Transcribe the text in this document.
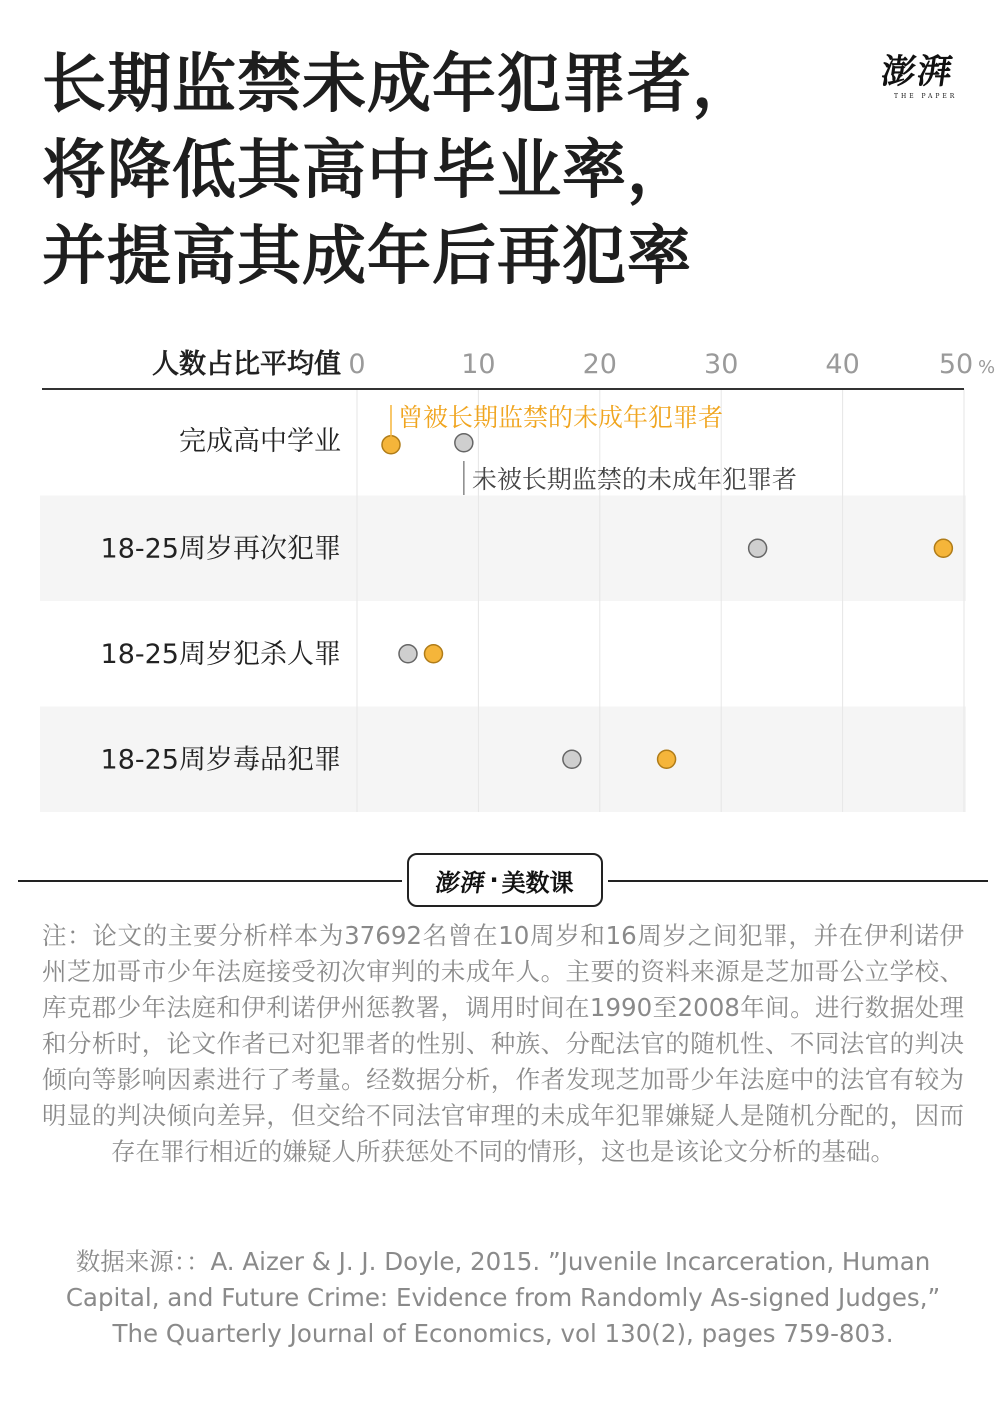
长期监禁未成年犯罪者，
将降低其高中毕业率，
并提高其成年后再犯率
澎湃
THE PAPER
人数占比平均值 0	10	20	30	40	50 %
完成高中学业
18-25周岁再次犯罪
18-25周岁犯杀人罪
18-25周岁毒品犯罪
曾被长期监禁的未成年犯罪者
未被长期监禁的未成年犯罪者
澎湃 · 美数课
注：论文的主要分析样本为37692名曾在10周岁和16周岁之间犯罪，并在伊利诺伊州芝加哥市少年法庭接受初次审判的未成年人。主要的资料来源是芝加哥公立学校、库克郡少年法庭和伊利诺伊州惩教署，调用时间在1990至2008年间。进行数据处理和分析时，论文作者已对犯罪者的性别、种族、分配法官的随机性、不同法官的判决倾向等影响因素进行了考量。经数据分析，作者发现芝加哥少年法庭中的法官有较为明显的判决倾向差异，但交给不同法官审理的未成年犯罪嫌疑人是随机分配的，因而存在罪行相近的嫌疑人所获惩处不同的情形，这也是该论文分析的基础。
数据来源：：A. Aizer & J. J. Doyle, 2015. ”Juvenile Incarceration, Human Capital, and Future Crime: Evidence from Randomly As-signed Judges,” The Quarterly Journal of Economics, vol 130(2), pages 759-803.
